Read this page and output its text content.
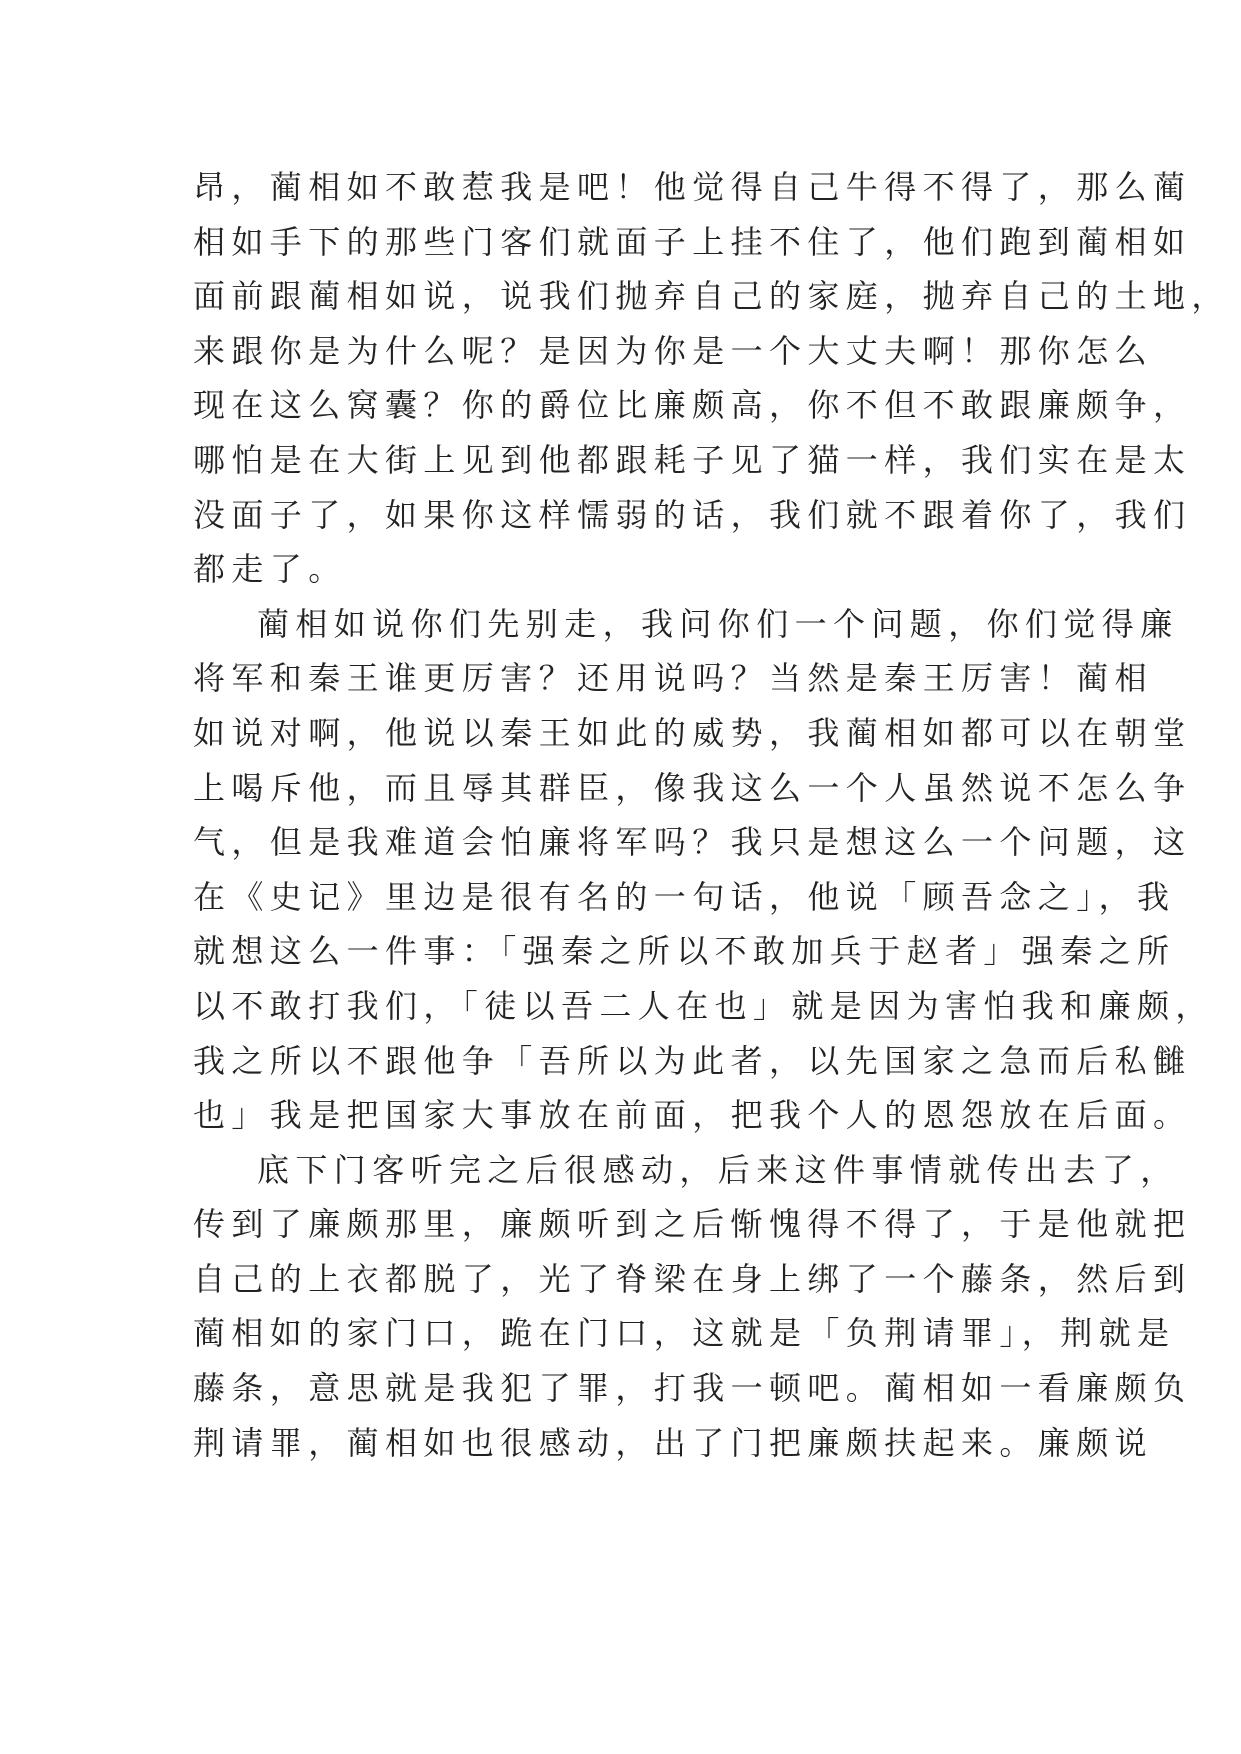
昂，蔺相如不敢惹我是吧！他觉得自己牛得不得了，那么蔺
相如手下的那些门客们就面子上挂不住了，他们跑到蔺相如
面前跟蔺相如说，说我们抛弃自己的家庭，抛弃自己的土地，
来跟你是为什么呢？是因为你是一个大丈夫啊！那你怎么
现在这么窝囊？你的爵位比廉颇高，你不但不敢跟廉颇争，
哪怕是在大街上见到他都跟耗子见了猫一样，我们实在是太
没面子了，如果你这样懦弱的话，我们就不跟着你了，我们
都走了。
蔺相如说你们先别走，我问你们一个问题，你们觉得廉
将军和秦王谁更厉害？还用说吗？当然是秦王厉害！蔺相
如说对啊，他说以秦王如此的威势，我蔺相如都可以在朝堂
上喝斥他，而且辱其群臣，像我这么一个人虽然说不怎么争
气，但是我难道会怕廉将军吗？我只是想这么一个问题，这
在《史记》里边是很有名的一句话，他说「顾吾念之」，我
就想这么一件事：「强秦之所以不敢加兵于赵者」强秦之所
以不敢打我们，「徒以吾二人在也」就是因为害怕我和廉颇，
我之所以不跟他争「吾所以为此者，以先国家之急而后私雠
也」我是把国家大事放在前面，把我个人的恩怨放在后面。
底下门客听完之后很感动，后来这件事情就传出去了，
传到了廉颇那里，廉颇听到之后惭愧得不得了，于是他就把
自己的上衣都脱了，光了脊梁在身上绑了一个藤条，然后到
蔺相如的家门口，跪在门口，这就是「负荆请罪」，荆就是
藤条，意思就是我犯了罪，打我一顿吧。蔺相如一看廉颇负
荆请罪，蔺相如也很感动，出了门把廉颇扶起来。廉颇说
